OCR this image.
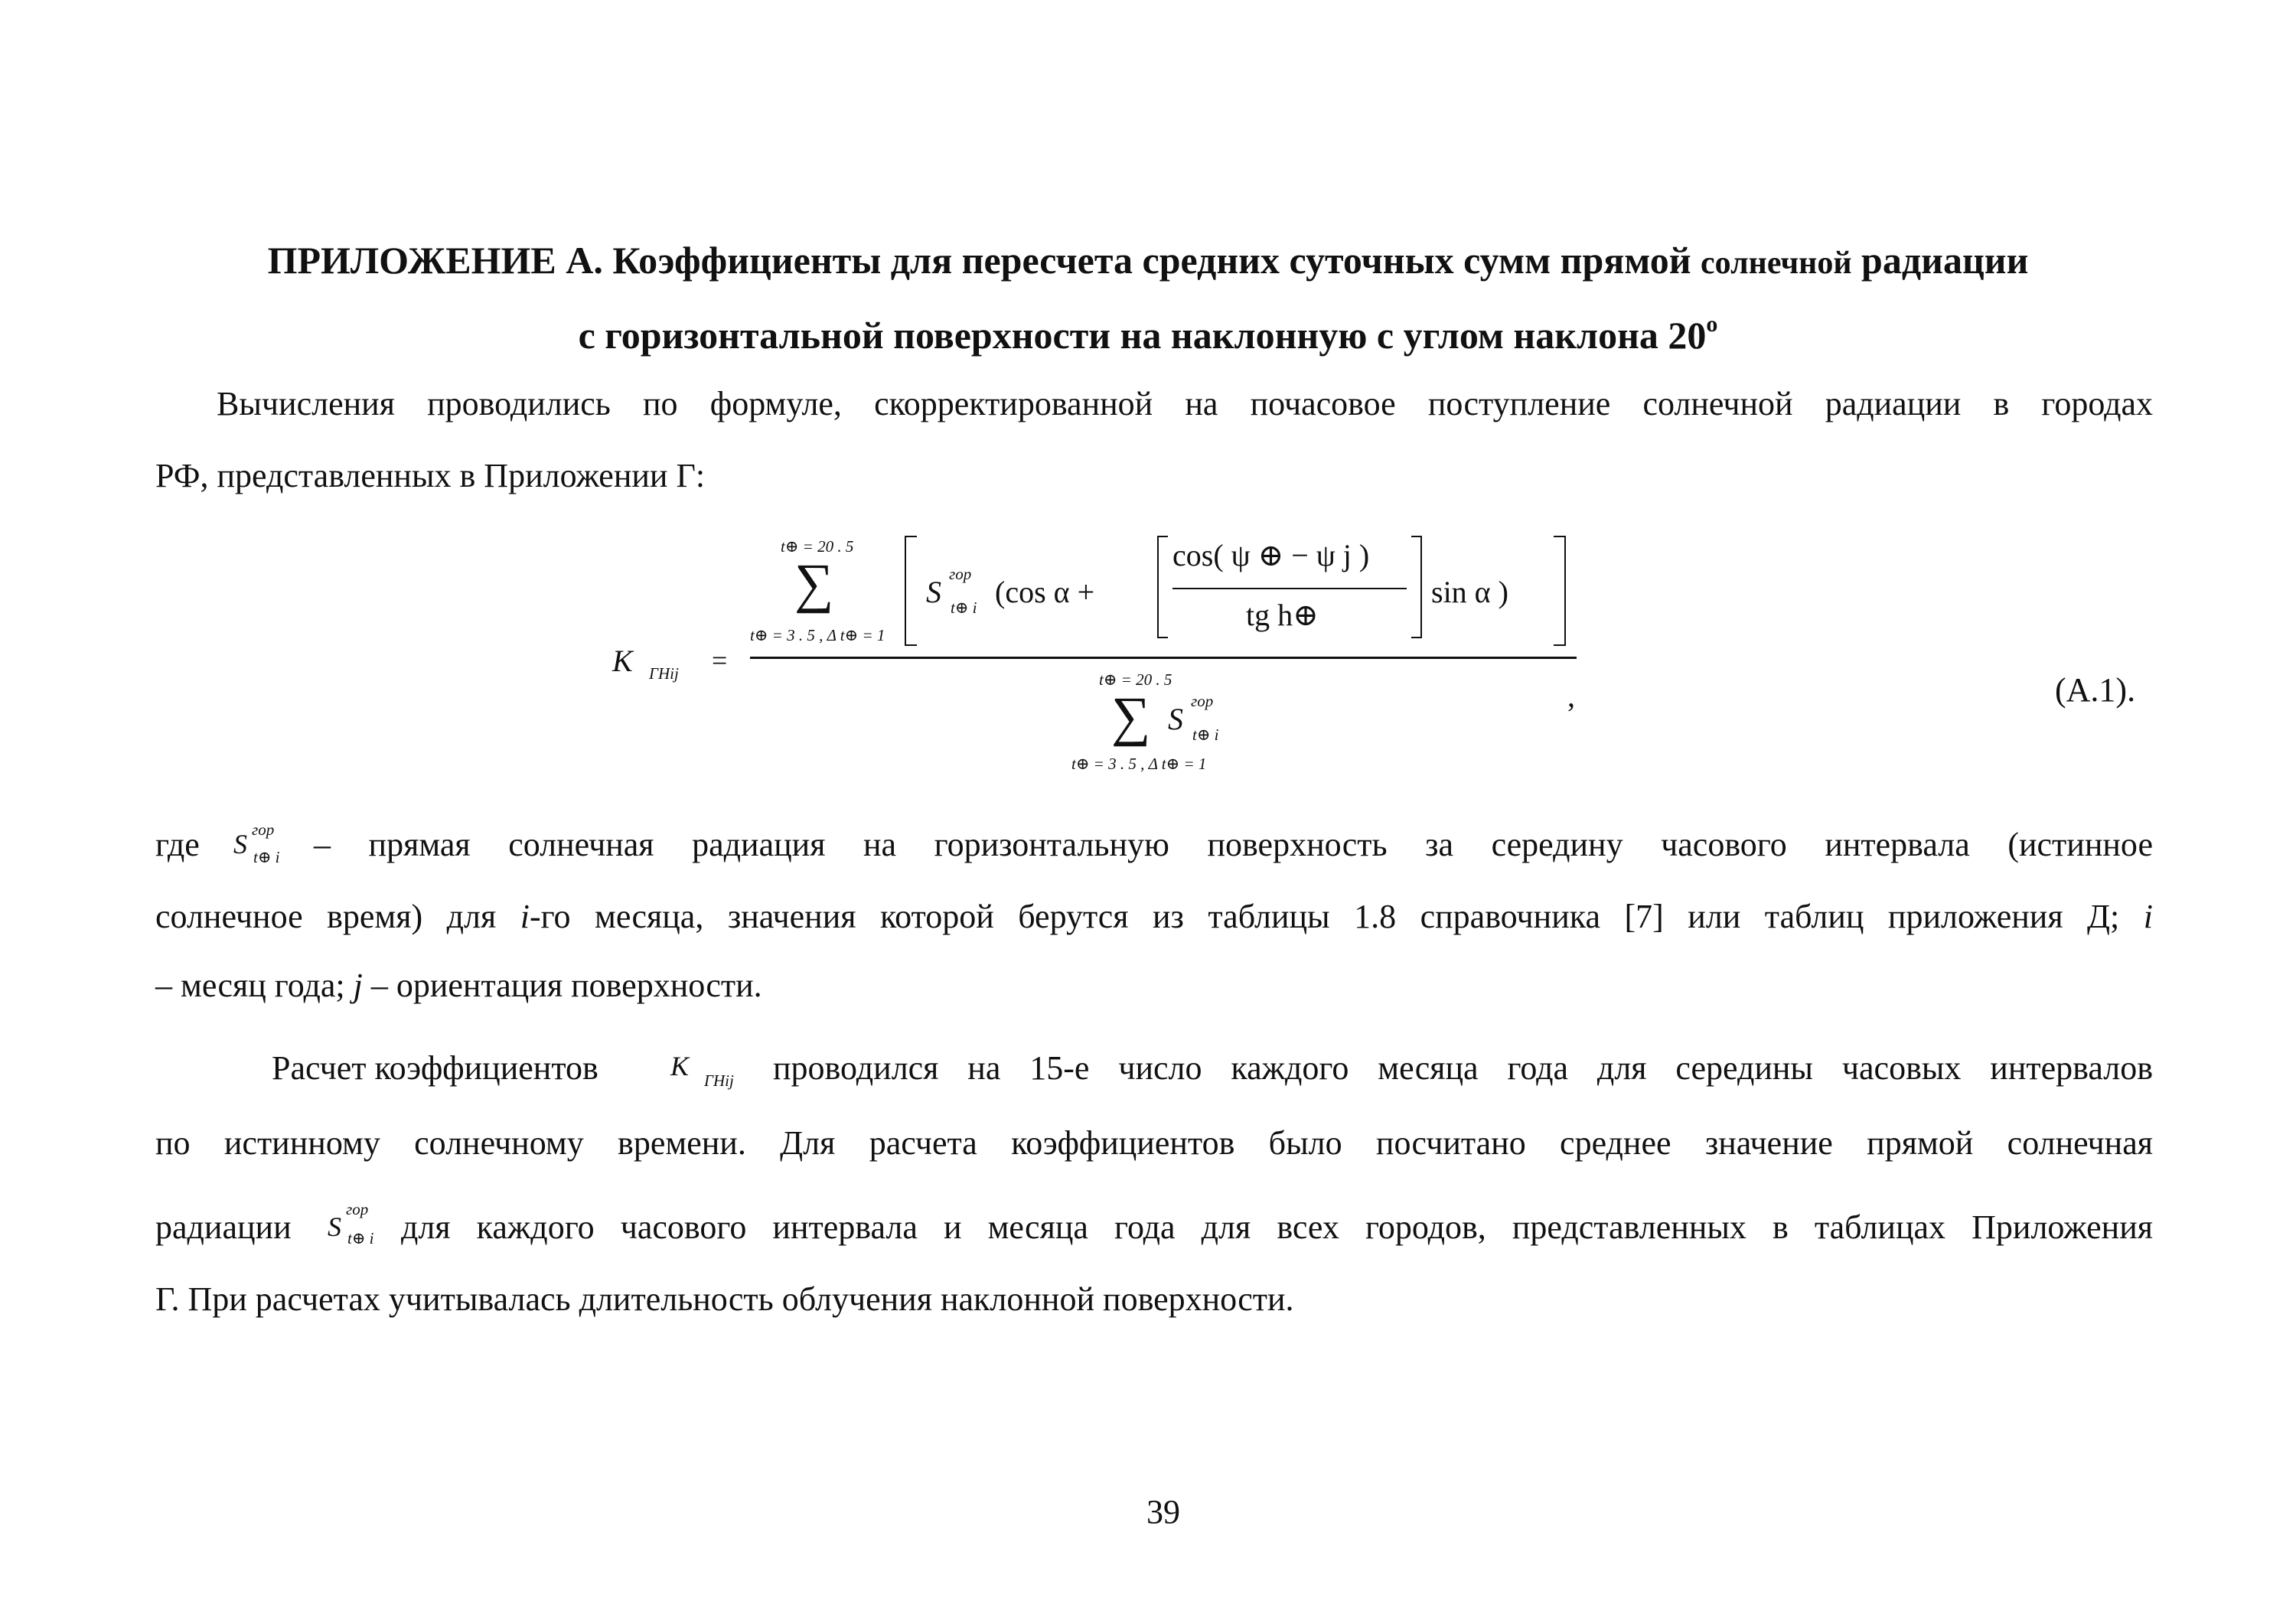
ПРИЛОЖЕНИЕ А. Коэффициенты для пересчета средних суточных сумм прямой солнечной радиации
с горизонтальной поверхности на наклонную с углом наклона $20^о$
Вычисления проводились по формуле, скорректированной на почасовое поступление солнечной радиации в городах
РФ, представленных в Приложении Г:
К ГНij =
t⊕ = 20 . 5
∑
t⊕ = 3 . 5 , Δ t⊕ = 1
S
гор
t⊕ i (cos α +
cos( ψ ⊕ − ψ j )
tg h⊕
sin α )
t⊕ = 20 . 5
∑
t⊕ = 3 . 5 , Δ t⊕ = 1
S
гор
t⊕ i
,	(А.1).
где S гор
t⊕ i – прямая солнечная радиация на горизонтальную поверхность за середину часового интервала (истинное
солнечное время) для i-го месяца, значения которой берутся из таблицы 1.8 справочника [7] или таблиц приложения Д; i
– месяц года; j – ориентация поверхности.
Расчет коэффициентов	К ГНij проводился на 15-е число каждого месяца года для середины часовых интервалов
по истинному солнечному времени. Для расчета коэффициентов было посчитано среднее значение прямой солнечная
радиации S
гор
t⊕ i для каждого часового интервала и месяца года для всех городов, представленных в таблицах Приложения
Г. При расчетах учитывалась длительность облучения наклонной поверхности.
39
